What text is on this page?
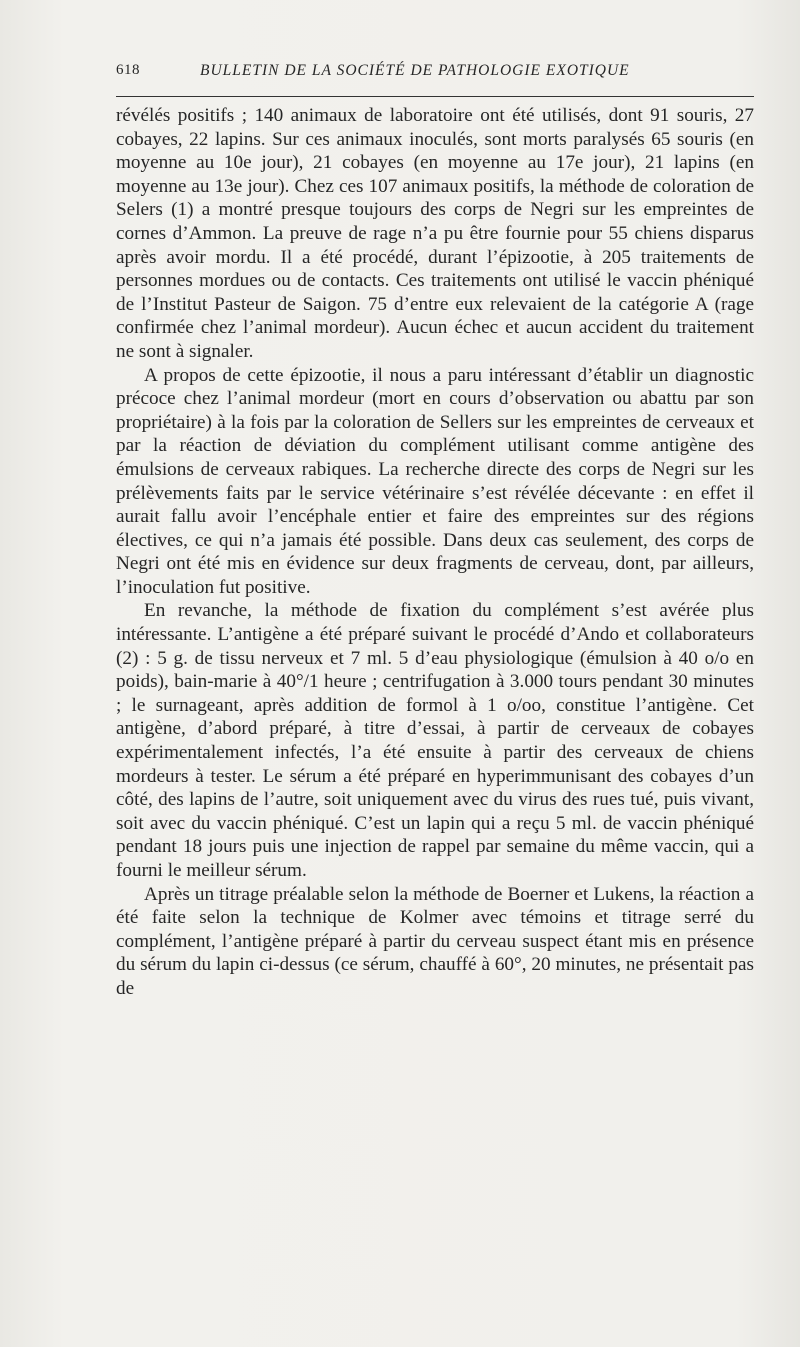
618	BULLETIN DE LA SOCIÉTÉ DE PATHOLOGIE EXOTIQUE

révélés positifs ; 140 animaux de laboratoire ont été utilisés, dont 91 souris, 27 cobayes, 22 lapins. Sur ces animaux inoculés, sont morts paralysés 65 souris (en moyenne au 10e jour), 21 cobayes (en moyenne au 17e jour), 21 lapins (en moyenne au 13e jour). Chez ces 107 animaux positifs, la méthode de coloration de Selers (1) a montré presque toujours des corps de Negri sur les empreintes de cornes d’Ammon. La preuve de rage n’a pu être fournie pour 55 chiens disparus après avoir mordu. Il a été procédé, durant l’épizootie, à 205 traitements de personnes mordues ou de contacts. Ces traitements ont utilisé le vaccin phéniqué de l’Institut Pasteur de Saigon. 75 d’entre eux relevaient de la catégorie A (rage confirmée chez l’animal mordeur). Aucun échec et aucun accident du traitement ne sont à signaler.

A propos de cette épizootie, il nous a paru intéressant d’établir un diagnostic précoce chez l’animal mordeur (mort en cours d’observation ou abattu par son propriétaire) à la fois par la coloration de Sellers sur les empreintes de cerveaux et par la réaction de déviation du complément utilisant comme antigène des émulsions de cerveaux rabiques. La recherche directe des corps de Negri sur les prélèvements faits par le service vétérinaire s’est révélée décevante : en effet il aurait fallu avoir l’encéphale entier et faire des empreintes sur des régions électives, ce qui n’a jamais été possible. Dans deux cas seulement, des corps de Negri ont été mis en évidence sur deux fragments de cerveau, dont, par ailleurs, l’inoculation fut positive.

En revanche, la méthode de fixation du complément s’est avérée plus intéressante. L’antigène a été préparé suivant le procédé d’Ando et collaborateurs (2) : 5 g. de tissu nerveux et 7 ml. 5 d’eau physiologique (émulsion à 40 o/o en poids), bain-marie à 40°/1 heure ; centrifugation à 3.000 tours pendant 30 minutes ; le surnageant, après addition de formol à 1 o/oo, constitue l’antigène. Cet antigène, d’abord préparé, à titre d’essai, à partir de cerveaux de cobayes expérimentalement infectés, l’a été ensuite à partir des cerveaux de chiens mordeurs à tester. Le sérum a été préparé en hyperimmunisant des cobayes d’un côté, des lapins de l’autre, soit uniquement avec du virus des rues tué, puis vivant, soit avec du vaccin phéniqué. C’est un lapin qui a reçu 5 ml. de vaccin phéniqué pendant 18 jours puis une injection de rappel par semaine du même vaccin, qui a fourni le meilleur sérum.

Après un titrage préalable selon la méthode de Boerner et Lukens, la réaction a été faite selon la technique de Kolmer avec témoins et titrage serré du complément, l’antigène préparé à partir du cerveau suspect étant mis en présence du sérum du lapin ci-dessus (ce sérum, chauffé à 60°, 20 minutes, ne présentait pas de
